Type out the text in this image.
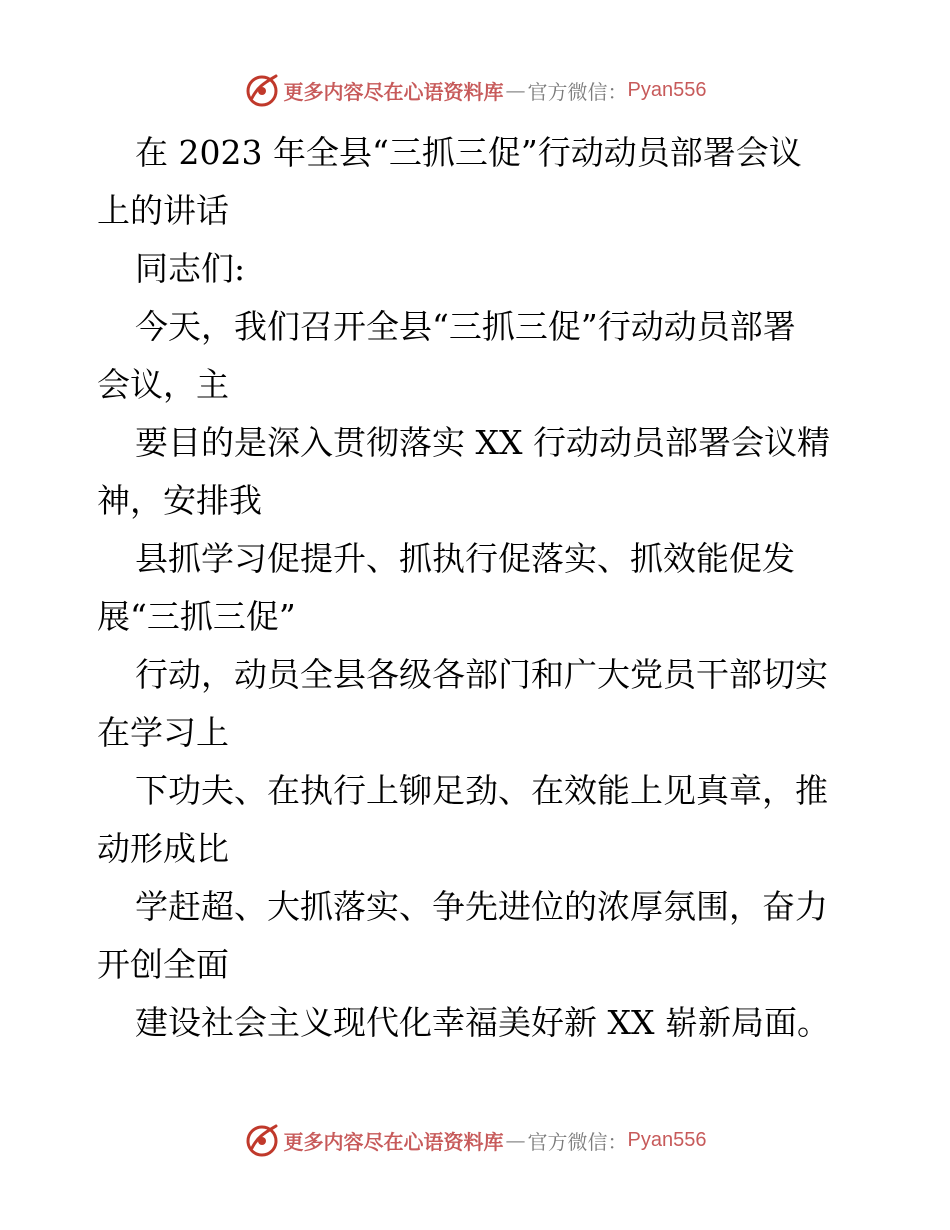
更多内容尽在心语资料库 — 官方微信： Pyan556
在 2023 年全县“三抓三促”行动动员部署会议
上的讲话
同志们:
今天，我们召开全县“三抓三促”行动动员部署
会议，主
要目的是深入贯彻落实 XX 行动动员部署会议精
神，安排我
县抓学习促提升、抓执行促落实、抓效能促发
展“三抓三促”
行动，动员全县各级各部门和广大党员干部切实
在学习上
下功夫、在执行上铆足劲、在效能上见真章，推
动形成比
学赶超、大抓落实、争先进位的浓厚氛围，奋力
开创全面
建设社会主义现代化幸福美好新 XX 崭新局面。
更多内容尽在心语资料库 — 官方微信： Pyan556
